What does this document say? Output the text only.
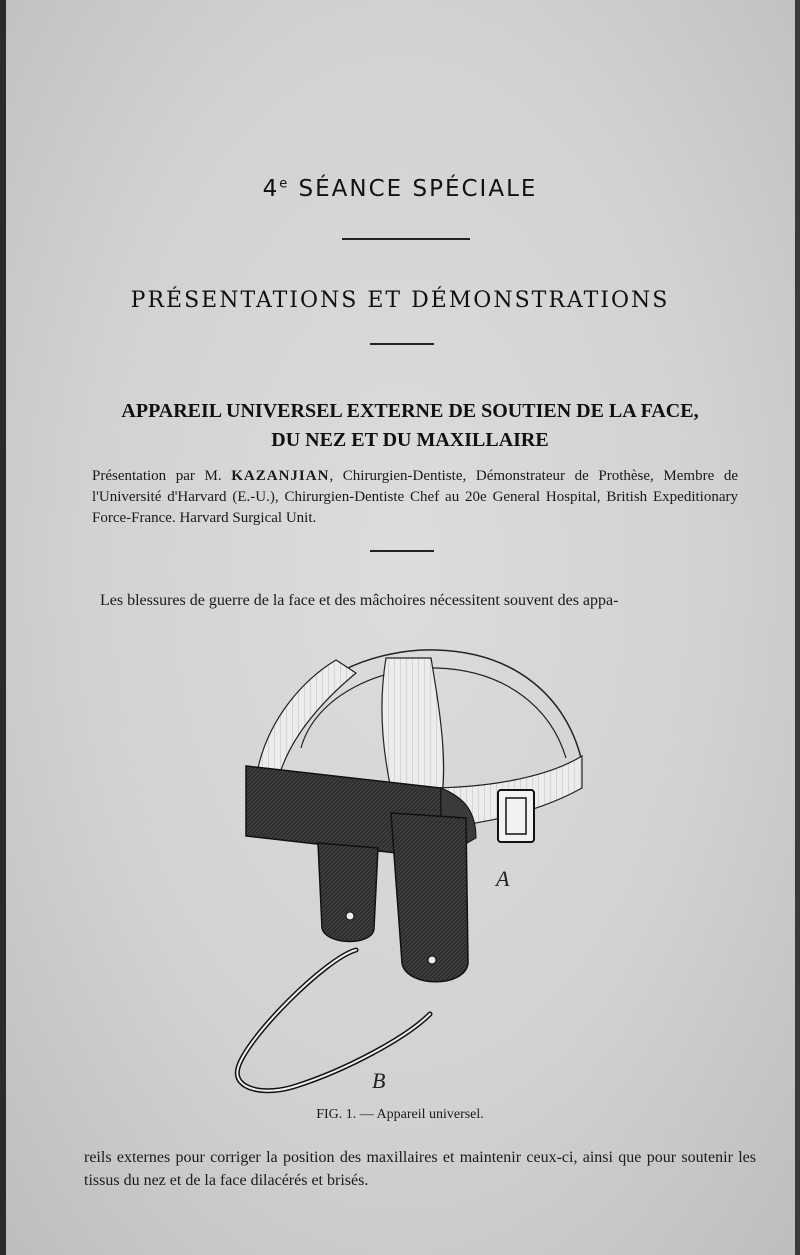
4e SÉANCE SPÉCIALE
PRÉSENTATIONS ET DÉMONSTRATIONS
APPAREIL UNIVERSEL EXTERNE DE SOUTIEN DE LA FACE,
DU NEZ ET DU MAXILLAIRE
Présentation par M. KAZANJIAN, Chirurgien-Dentiste, Démonstrateur de Prothèse, Membre de l'Université d'Harvard (E.-U.), Chirurgien-Dentiste Chef au 20e General Hospital, British Expeditionary Force-France. Harvard Surgical Unit.
Les blessures de guerre de la face et des mâchoires nécessitent souvent des appa-
A
B
FIG. 1. — Appareil universel.
reils externes pour corriger la position des maxillaires et maintenir ceux-ci, ainsi que pour soutenir les tissus du nez et de la face dilacérés et brisés.
